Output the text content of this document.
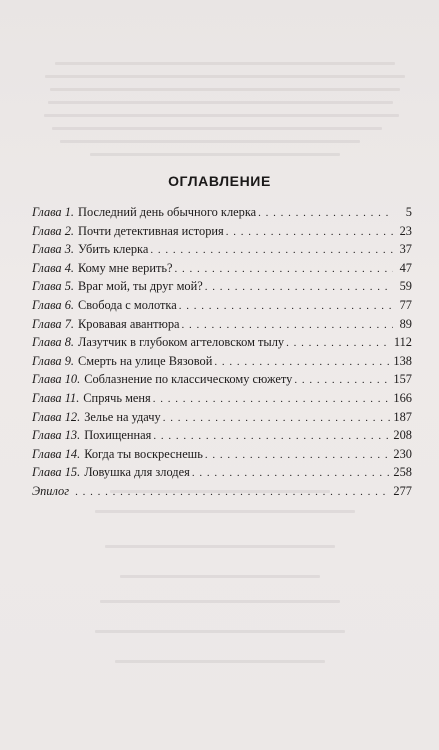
ОГЛАВЛЕНИЕ
Глава 1. Последний день обычного клерка . . .	5
Глава 2. Почти детективная история . . .	23
Глава 3. Убить клерка . . .	37
Глава 4. Кому мне верить? . . .	47
Глава 5. Враг мой, ты друг мой? . . .	59
Глава 6. Свобода с молотка . . .	77
Глава 7. Кровавая авантюра . . .	89
Глава 8. Лазутчик в глубоком агтеловском тылу . . .	112
Глава 9. Смерть на улице Вязовой . . .	138
Глава 10. Соблазнение по классическому сюжету . . .	157
Глава 11. Спрячь меня . . .	166
Глава 12. Зелье на удачу . . .	187
Глава 13. Похищенная . . .	208
Глава 14. Когда ты воскреснешь . . .	230
Глава 15. Ловушка для злодея . . .	258
Эпилог . . .	277
